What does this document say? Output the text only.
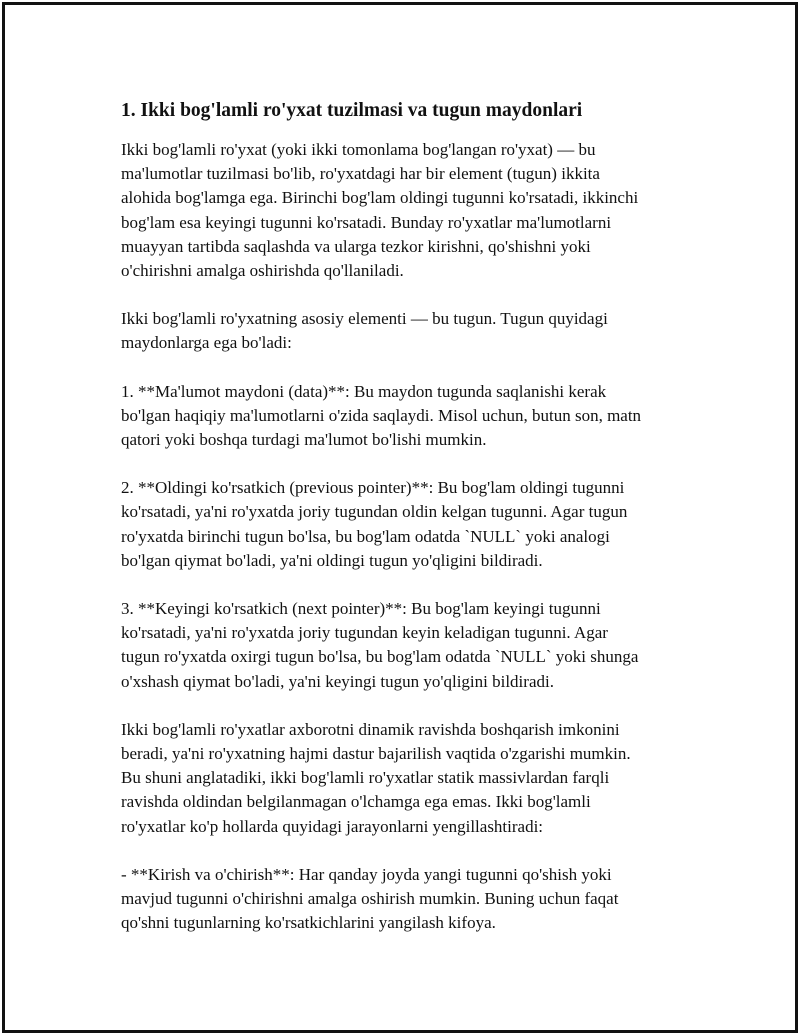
1. Ikki bog'lamli ro'yxat tuzilmasi va tugun maydonlari

Ikki bog'lamli ro'yxat (yoki ikki tomonlama bog'langan ro'yxat) — bu
ma'lumotlar tuzilmasi bo'lib, ro'yxatdagi har bir element (tugun) ikkita
alohida bog'lamga ega. Birinchi bog'lam oldingi tugunni ko'rsatadi, ikkinchi
bog'lam esa keyingi tugunni ko'rsatadi. Bunday ro'yxatlar ma'lumotlarni
muayyan tartibda saqlashda va ularga tezkor kirishni, qo'shishni yoki
o'chirishni amalga oshirishda qo'llaniladi.

Ikki bog'lamli ro'yxatning asosiy elementi — bu tugun. Tugun quyidagi
maydonlarga ega bo'ladi:

1. **Ma'lumot maydoni (data)**: Bu maydon tugunda saqlanishi kerak
bo'lgan haqiqiy ma'lumotlarni o'zida saqlaydi. Misol uchun, butun son, matn
qatori yoki boshqa turdagi ma'lumot bo'lishi mumkin.

2. **Oldingi ko'rsatkich (previous pointer)**: Bu bog'lam oldingi tugunni
ko'rsatadi, ya'ni ro'yxatda joriy tugundan oldin kelgan tugunni. Agar tugun
ro'yxatda birinchi tugun bo'lsa, bu bog'lam odatda `NULL` yoki analogi
bo'lgan qiymat bo'ladi, ya'ni oldingi tugun yo'qligini bildiradi.

3. **Keyingi ko'rsatkich (next pointer)**: Bu bog'lam keyingi tugunni
ko'rsatadi, ya'ni ro'yxatda joriy tugundan keyin keladigan tugunni. Agar
tugun ro'yxatda oxirgi tugun bo'lsa, bu bog'lam odatda `NULL` yoki shunga
o'xshash qiymat bo'ladi, ya'ni keyingi tugun yo'qligini bildiradi.

Ikki bog'lamli ro'yxatlar axborotni dinamik ravishda boshqarish imkonini
beradi, ya'ni ro'yxatning hajmi dastur bajarilish vaqtida o'zgarishi mumkin.
Bu shuni anglatadiki, ikki bog'lamli ro'yxatlar statik massivlardan farqli
ravishda oldindan belgilanmagan o'lchamga ega emas. Ikki bog'lamli
ro'yxatlar ko'p hollarda quyidagi jarayonlarni yengillashtiradi:

- **Kirish va o'chirish**: Har qanday joyda yangi tugunni qo'shish yoki
mavjud tugunni o'chirishni amalga oshirish mumkin. Buning uchun faqat
qo'shni tugunlarning ko'rsatkichlarini yangilash kifoya.
